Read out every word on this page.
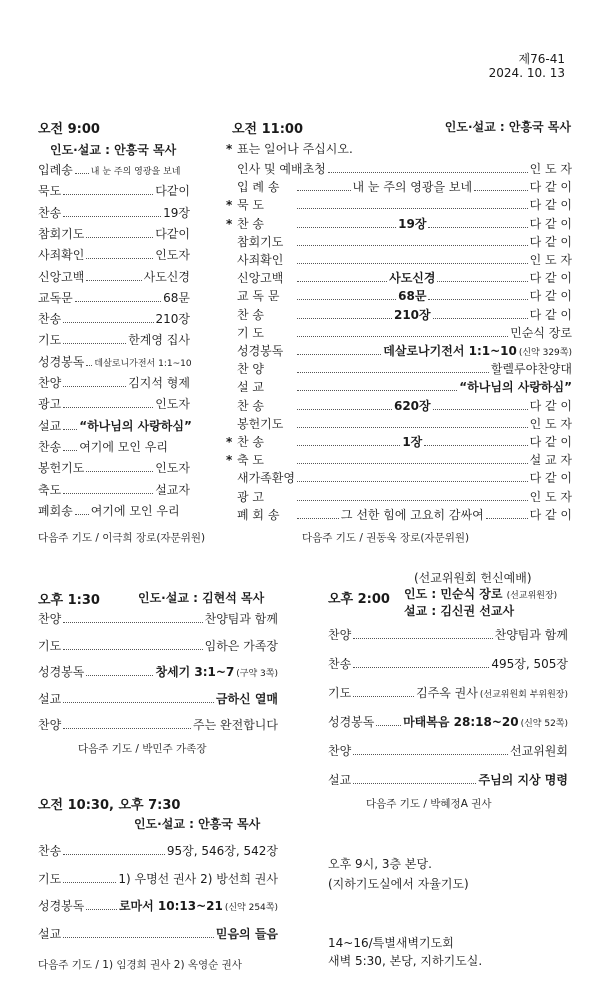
제76-41
2024. 10. 13
오전 9:00
인도·설교 : 안흥국 목사
입례송 내 눈 주의 영광을 보네
묵도	다같이
찬송	19장
참회기도	다같이
사죄확인	인도자
신앙고백	사도신경
교독문	68문
찬송	210장
기도	한계영 집사
성경봉독 데살로니가전서 1:1~10
찬양	김지석 형제
광고	인도자
설교 “하나님의 사랑하심”
찬송 여기에 모인 우리
봉헌기도	인도자
축도	설교자
폐회송 여기에 모인 우리
다음주 기도 / 이극희 장로(자문위원)
오전 11:00	인도·설교 : 안흥국 목사
* 표는 일어나 주십시오.
인사 및 예배초청	인 도 자
입 례 송	내 눈 주의 영광을 보네	다 같 이
* 묵 도	다 같 이
* 찬 송	19장	다 같 이
참회기도	다 같 이
사죄확인	인 도 자
신앙고백	사도신경	다 같 이
교 독 문	68문	다 같 이
찬 송	210장	다 같 이
기 도	민순식 장로
성경봉독	데살로나기전서 1:1~10 (신약 329쪽)
찬 양	할렐루야찬양대
설 교	“하나님의 사랑하심”
찬 송	620장	다 같 이
봉헌기도	인 도 자
* 찬 송	1장	다 같 이
* 축 도	설 교 자
새가족환영	다 같 이
광 고	인 도 자
폐 회 송	그 선한 힘에 고요히 감싸여	다 같 이
다음주 기도 / 권동욱 장로(자문위원)
오후 1:30	인도·설교 : 김현석 목사
찬양	찬양팀과 함께
기도	임하은 가족장
성경봉독	창세기 3:1~7 (구약 3쪽)
설교	금하신 열매
찬양	주는 완전합니다
다음주 기도 / 박민주 가족장
(선교위원회 헌신예배)
오후 2:00 인도 : 민순식 장로 (선교위원장)
설교 : 김신권 선교사
찬양	찬양팀과 함께
찬송	495장, 505장
기도	김주옥 권사 (선교위원회 부위원장)
성경봉독 마태복음 28:18~20 (신약 52쪽)
찬양	선교위원회
설교	주님의 지상 명령
다음주 기도 / 박혜정A 권사
오전 10:30, 오후 7:30
인도·설교 : 안흥국 목사
찬송	95장, 546장, 542장
기도	1) 우명선 권사 2) 방선희 권사
성경봉독	로마서 10:13~21 (신약 254쪽)
설교	믿음의 들음
다음주 기도 / 1) 임경희 권사 2) 옥영순 권사
오후 9시, 3층 본당.
(지하기도실에서 자율기도)
14~16/특별새벽기도회
새벽 5:30, 본당, 지하기도실.
